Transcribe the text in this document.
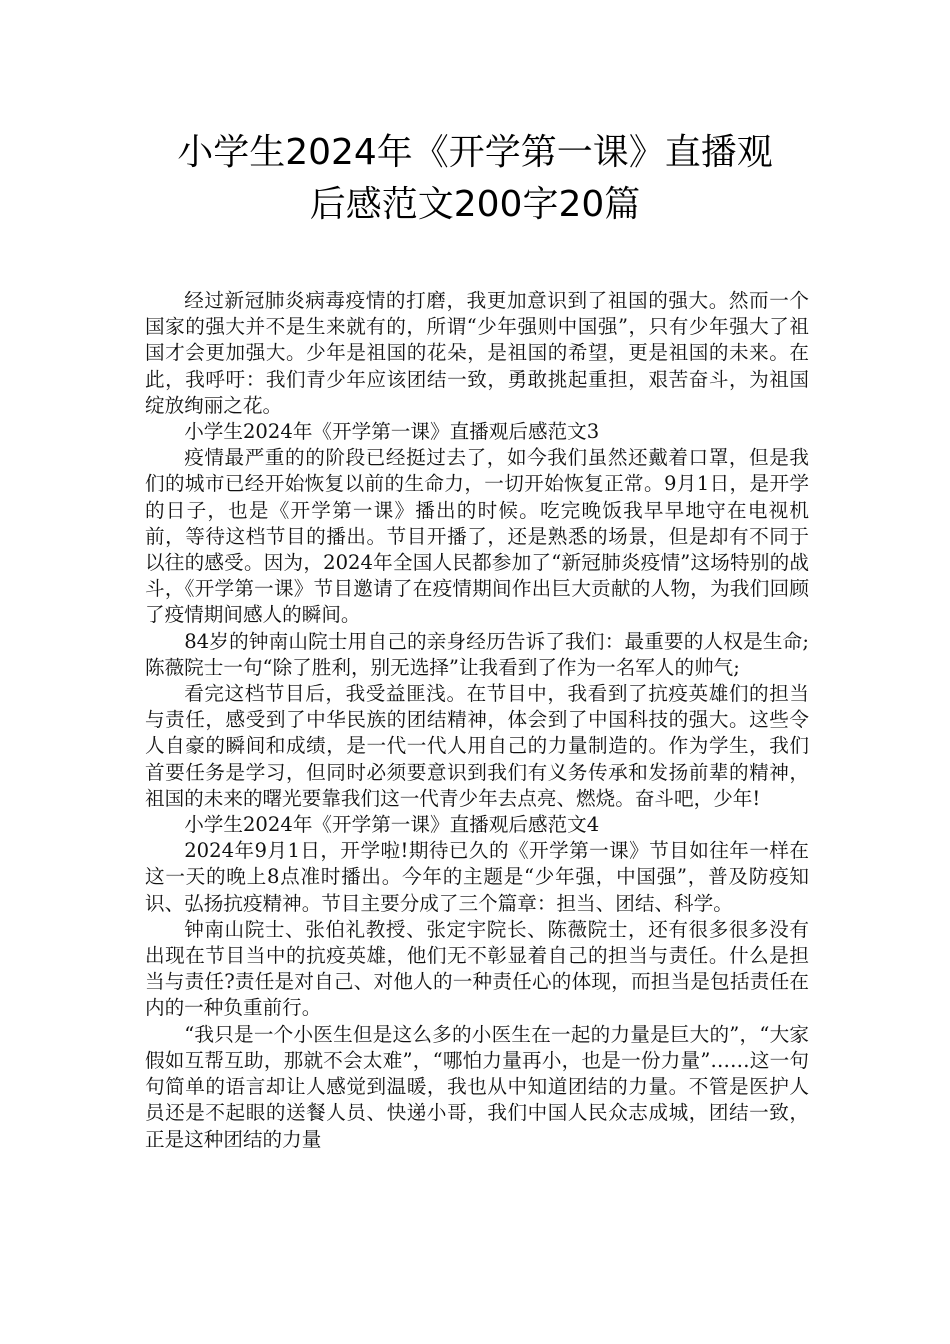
小学生2024年《开学第一课》直播观
后感范文200字20篇

经过新冠肺炎病毒疫情的打磨，我更加意识到了祖国的强大。然而一个国家的强大并不是生来就有的，所谓“少年强则中国强”，只有少年强大了祖国才会更加强大。少年是祖国的花朵，是祖国的希望，更是祖国的未来。在此，我呼吁：我们青少年应该团结一致，勇敢挑起重担，艰苦奋斗，为祖国绽放绚丽之花。

小学生2024年《开学第一课》直播观后感范文3

疫情最严重的的阶段已经挺过去了，如今我们虽然还戴着口罩，但是我们的城市已经开始恢复以前的生命力，一切开始恢复正常。9月1日，是开学的日子，也是《开学第一课》播出的时候。吃完晚饭我早早地守在电视机前，等待这档节目的播出。节目开播了，还是熟悉的场景，但是却有不同于以往的感受。因为，2024年全国人民都参加了“新冠肺炎疫情”这场特别的战斗，《开学第一课》节目邀请了在疫情期间作出巨大贡献的人物，为我们回顾了疫情期间感人的瞬间。

84岁的钟南山院士用自己的亲身经历告诉了我们：最重要的人权是生命;陈薇院士一句“除了胜利，别无选择”让我看到了作为一名军人的帅气;

看完这档节目后，我受益匪浅。在节目中，我看到了抗疫英雄们的担当与责任，感受到了中华民族的团结精神，体会到了中国科技的强大。这些令人自豪的瞬间和成绩，是一代一代人用自己的力量制造的。作为学生，我们首要任务是学习，但同时必须要意识到我们有义务传承和发扬前辈的精神，祖国的未来的曙光要靠我们这一代青少年去点亮、燃烧。奋斗吧，少年!

小学生2024年《开学第一课》直播观后感范文4

2024年9月1日，开学啦!期待已久的《开学第一课》节目如往年一样在这一天的晚上8点准时播出。今年的主题是“少年强，中国强”，普及防疫知识、弘扬抗疫精神。节目主要分成了三个篇章：担当、团结、科学。

钟南山院士、张伯礼教授、张定宇院长、陈薇院士，还有很多很多没有出现在节目当中的抗疫英雄，他们无不彰显着自己的担当与责任。什么是担当与责任?责任是对自己、对他人的一种责任心的体现，而担当是包括责任在内的一种负重前行。

“我只是一个小医生但是这么多的小医生在一起的力量是巨大的”，“大家假如互帮互助，那就不会太难”，“哪怕力量再小，也是一份力量”……这一句句简单的语言却让人感觉到温暖，我也从中知道团结的力量。不管是医护人员还是不起眼的送餐人员、快递小哥，我们中国人民众志成城，团结一致，正是这种团结的力量
